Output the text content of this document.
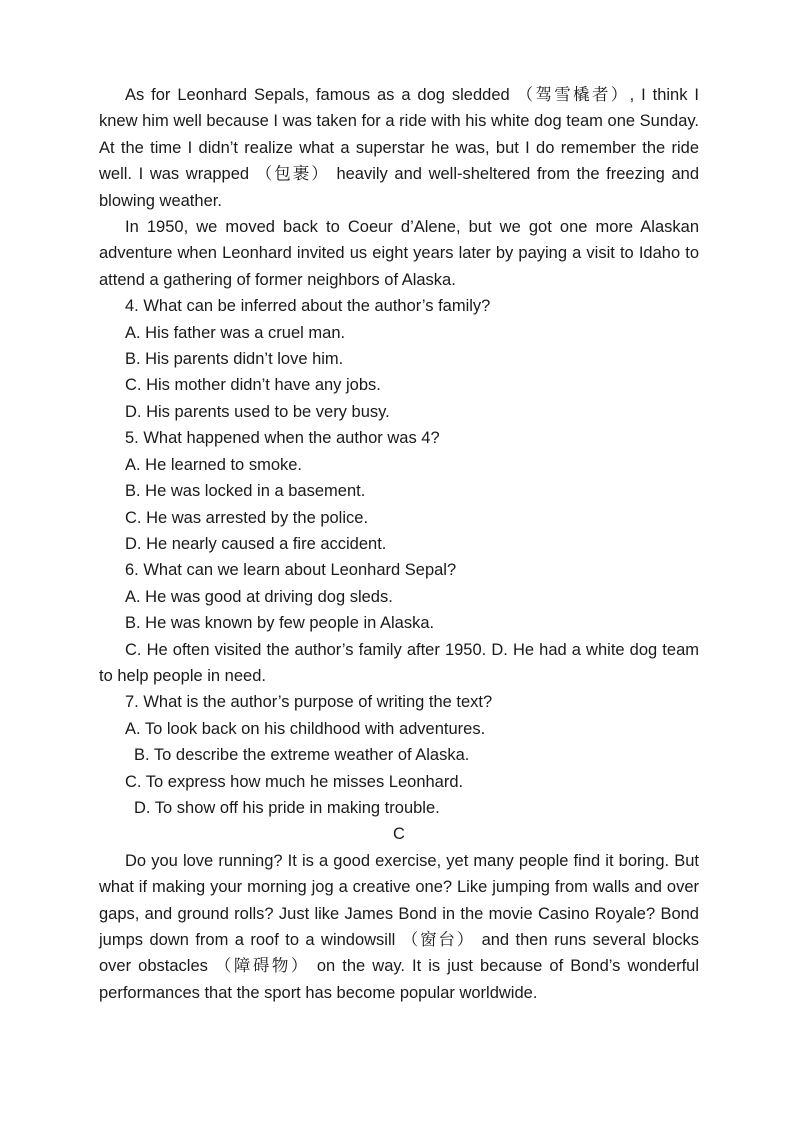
As for Leonhard Sepals, famous as a dog sledded （驾雪橇者）, I think I knew him well because I was taken for a ride with his white dog team one Sunday. At the time I didn’t realize what a superstar he was, but I do remember the ride well. I was wrapped （包裹） heavily and well-sheltered from the freezing and blowing weather.

In 1950, we moved back to Coeur d’Alene, but we got one more Alaskan adventure when Leonhard invited us eight years later by paying a visit to Idaho to attend a gathering of former neighbors of Alaska.

4. What can be inferred about the author’s family?

A. His father was a cruel man.

B. His parents didn’t love him.

C. His mother didn’t have any jobs.

D. His parents used to be very busy.

5. What happened when the author was 4?

A. He learned to smoke.

B. He was locked in a basement.

C. He was arrested by the police.

D. He nearly caused a fire accident.

6. What can we learn about Leonhard Sepal?

A. He was good at driving dog sleds.

B. He was known by few people in Alaska.

C. He often visited the author’s family after 1950. D. He had a white dog team to help people in need.

7. What is the author’s purpose of writing the text?

A. To look back on his childhood with adventures.

B. To describe the extreme weather of Alaska.

C. To express how much he misses Leonhard.

D. To show off his pride in making trouble.

C

Do you love running? It is a good exercise, yet many people find it boring. But what if making your morning jog a creative one? Like jumping from walls and over gaps, and ground rolls? Just like James Bond in the movie Casino Royale? Bond jumps down from a roof to a windowsill （窗台） and then runs several blocks over obstacles （障碍物） on the way. It is just because of Bond’s wonderful performances that the sport has become popular worldwide.
